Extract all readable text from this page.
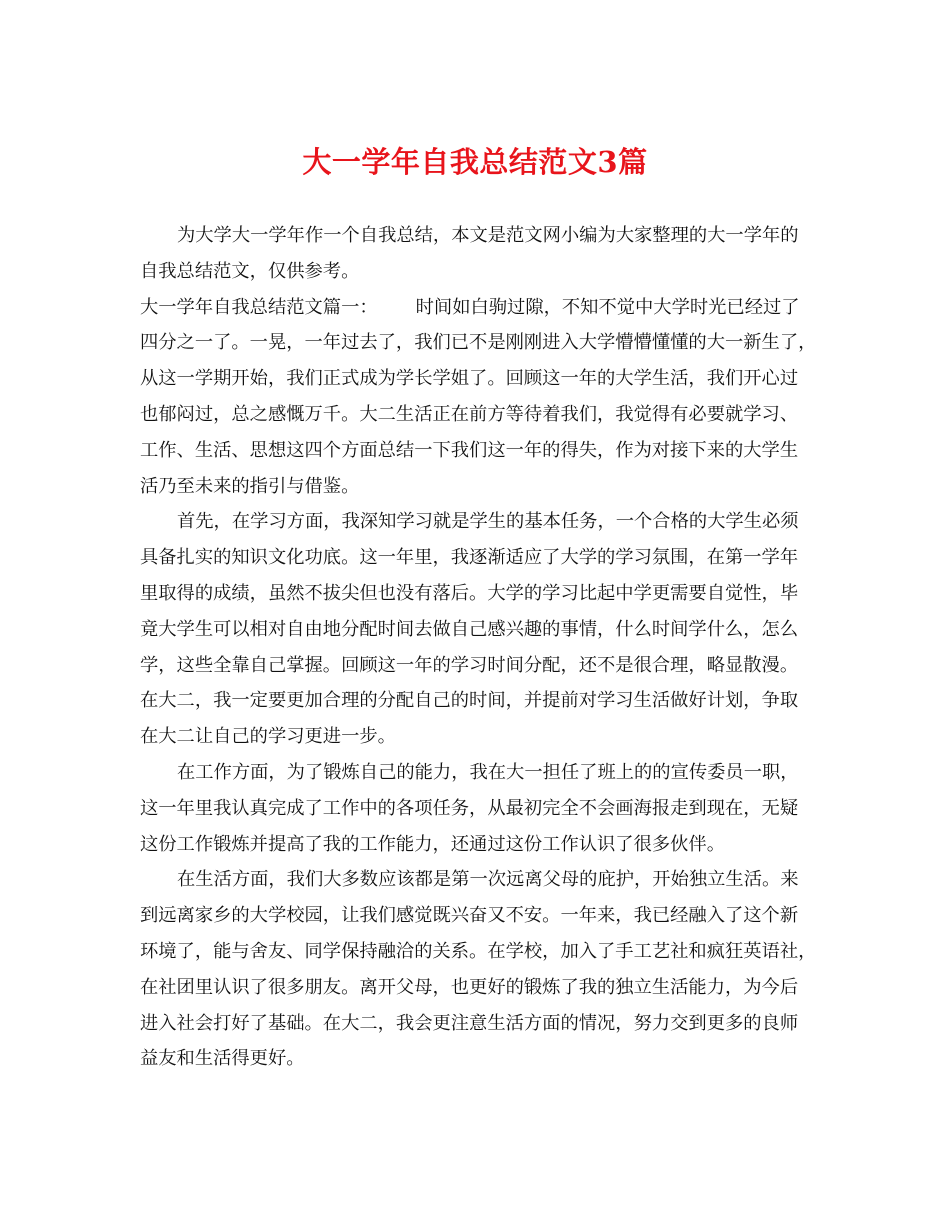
大一学年自我总结范文3篇
为大学大一学年作一个自我总结，本文是范文网小编为大家整理的大一学年的
自我总结范文，仅供参考。
大一学年自我总结范文篇一： 时间如白驹过隙，不知不觉中大学时光已经过了
四分之一了。一晃，一年过去了，我们已不是刚刚进入大学懵懵懂懂的大一新生了，
从这一学期开始，我们正式成为学长学姐了。回顾这一年的大学生活，我们开心过
也郁闷过，总之感慨万千。大二生活正在前方等待着我们，我觉得有必要就学习、
工作、生活、思想这四个方面总结一下我们这一年的得失，作为对接下来的大学生
活乃至未来的指引与借鉴。
首先，在学习方面，我深知学习就是学生的基本任务，一个合格的大学生必须
具备扎实的知识文化功底。这一年里，我逐渐适应了大学的学习氛围，在第一学年
里取得的成绩，虽然不拔尖但也没有落后。大学的学习比起中学更需要自觉性，毕
竟大学生可以相对自由地分配时间去做自己感兴趣的事情，什么时间学什么，怎么
学，这些全靠自己掌握。回顾这一年的学习时间分配，还不是很合理，略显散漫。
在大二，我一定要更加合理的分配自己的时间，并提前对学习生活做好计划，争取
在大二让自己的学习更进一步。
在工作方面，为了锻炼自己的能力，我在大一担任了班上的的宣传委员一职，
这一年里我认真完成了工作中的各项任务，从最初完全不会画海报走到现在，无疑
这份工作锻炼并提高了我的工作能力，还通过这份工作认识了很多伙伴。
在生活方面，我们大多数应该都是第一次远离父母的庇护，开始独立生活。来
到远离家乡的大学校园，让我们感觉既兴奋又不安。一年来，我已经融入了这个新
环境了，能与舍友、同学保持融洽的关系。在学校，加入了手工艺社和疯狂英语社，
在社团里认识了很多朋友。离开父母，也更好的锻炼了我的独立生活能力，为今后
进入社会打好了基础。在大二，我会更注意生活方面的情况，努力交到更多的良师
益友和生活得更好。
